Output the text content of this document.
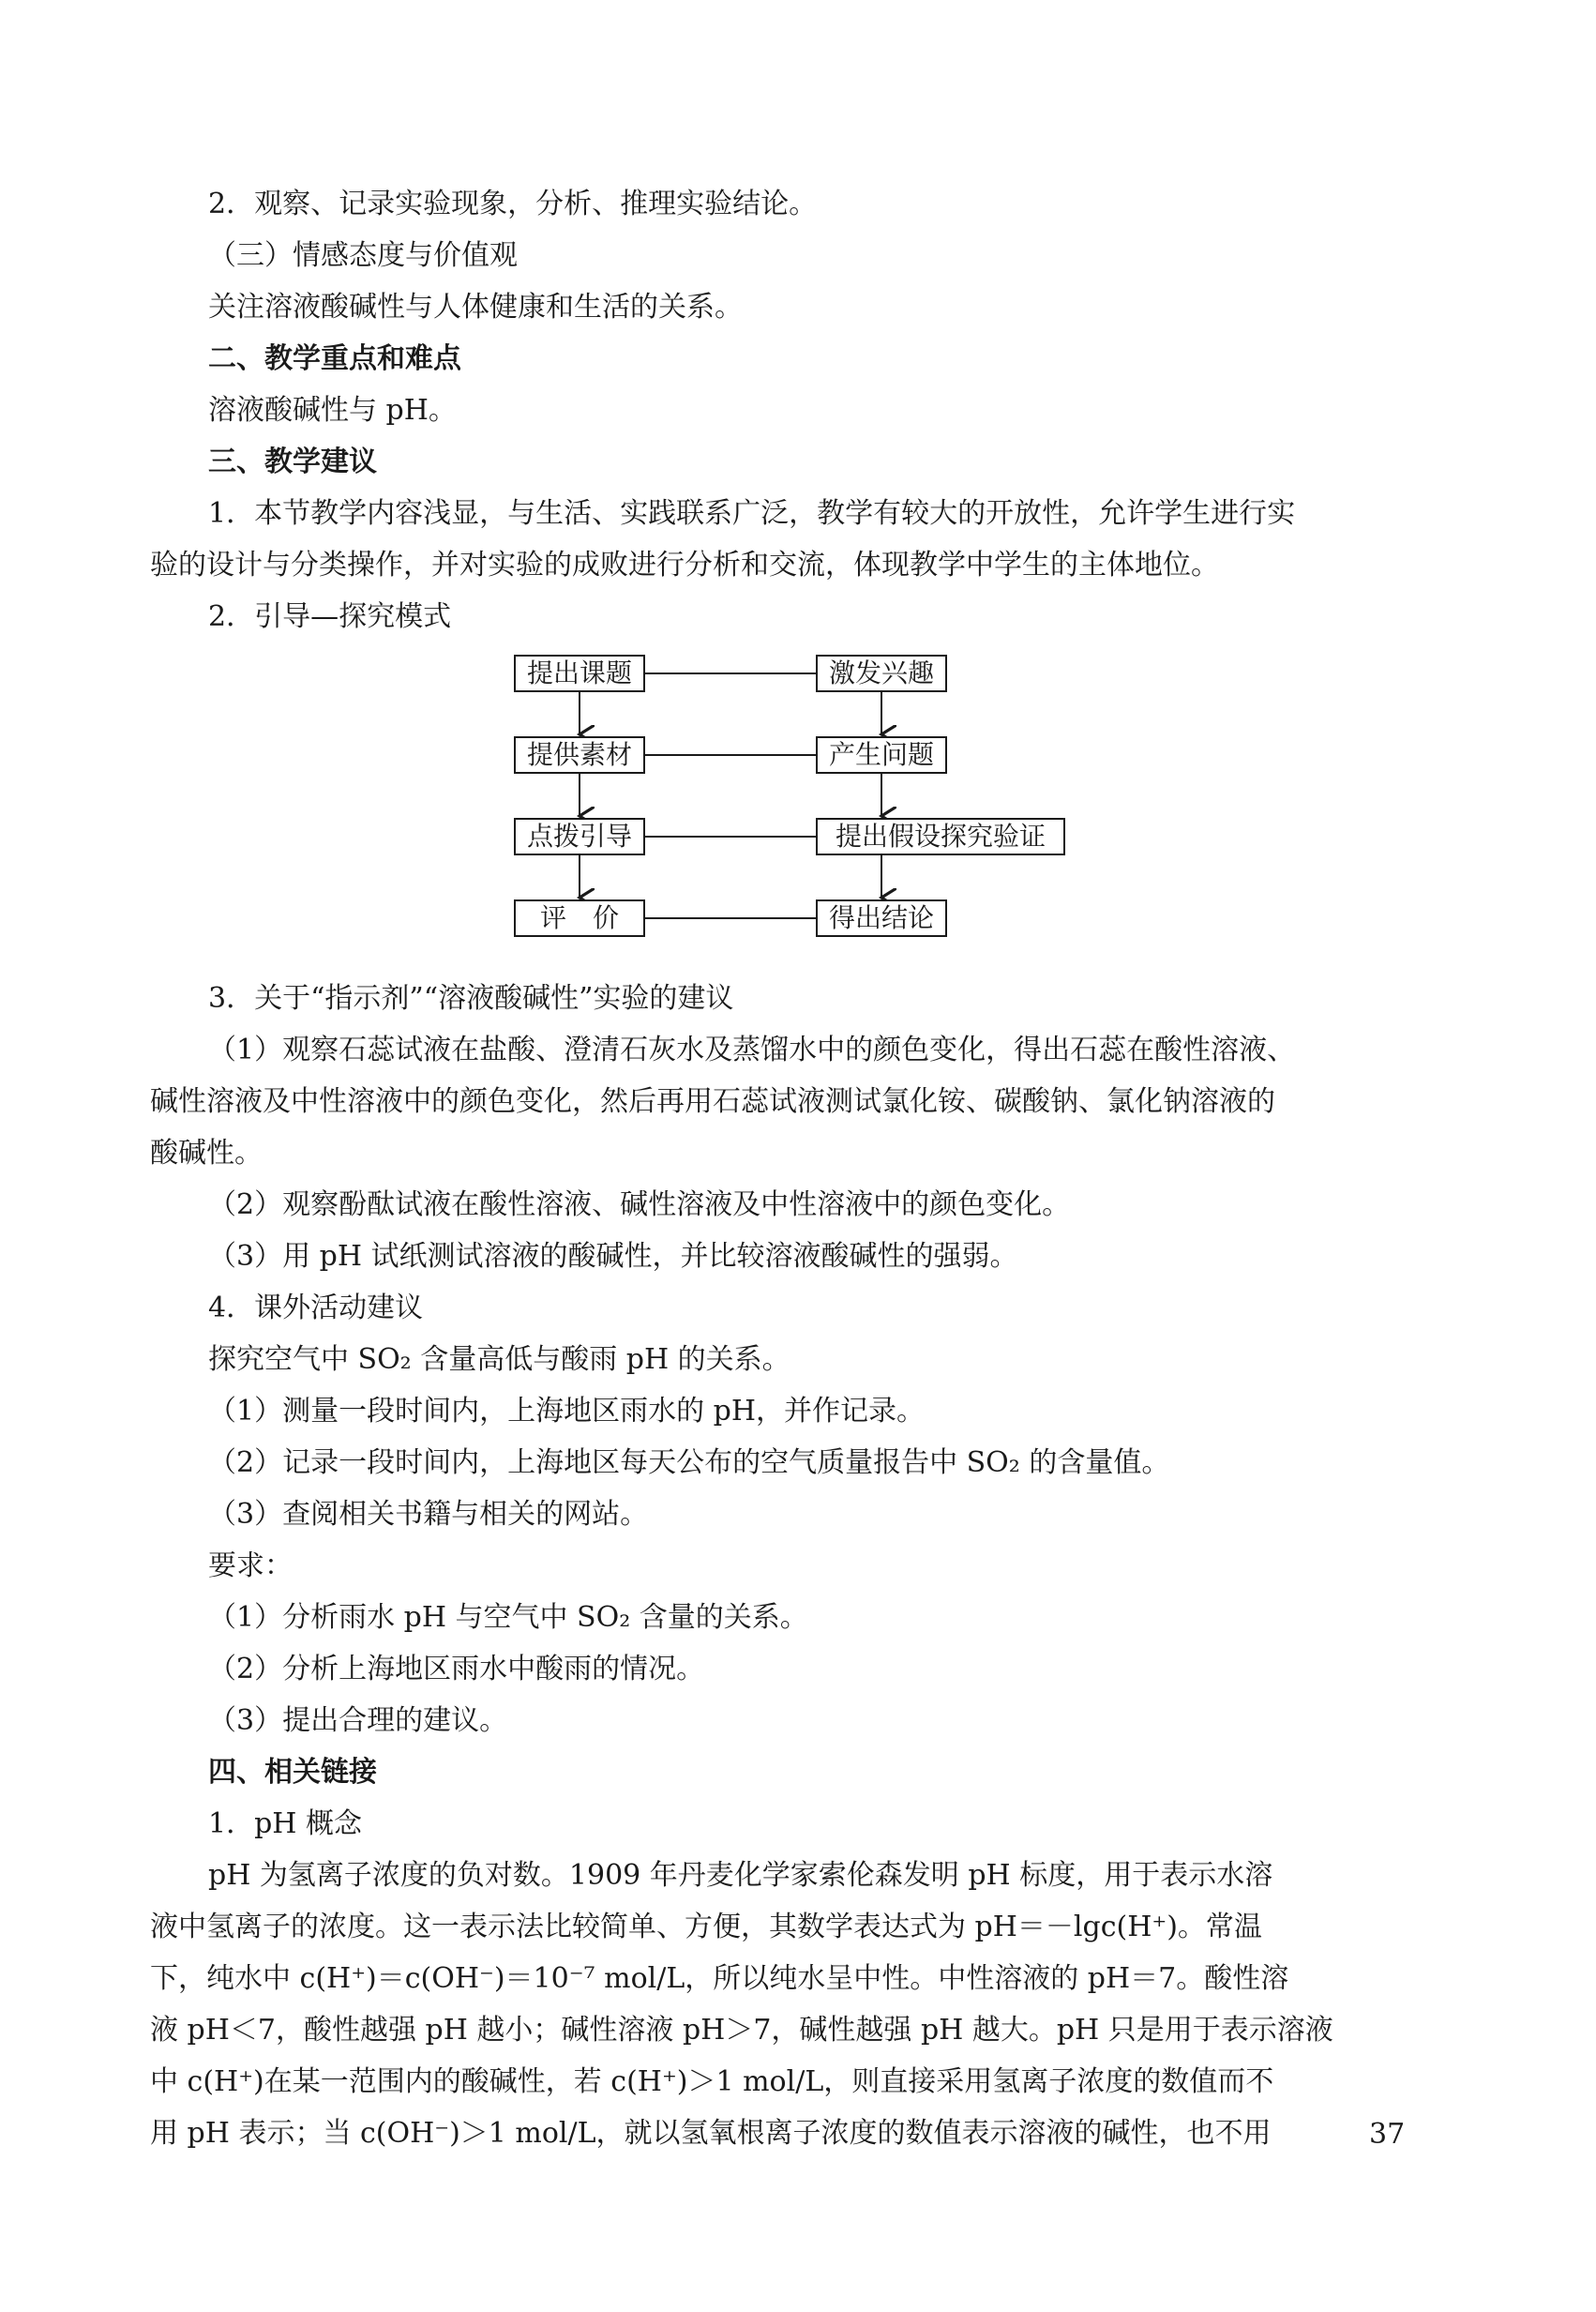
2．观察、记录实验现象，分析、推理实验结论。
（三）情感态度与价值观
关注溶液酸碱性与人体健康和生活的关系。
二、教学重点和难点
溶液酸碱性与 pH。
三、教学建议
1．本节教学内容浅显，与生活、实践联系广泛，教学有较大的开放性，允许学生进行实
验的设计与分类操作，并对实验的成败进行分析和交流，体现教学中学生的主体地位。
2．引导—探究模式
提出课题
提供素材
点拨引导
评　价
激发兴趣
产生问题
提出假设探究验证
得出结论
3．关于“指示剂”“溶液酸碱性”实验的建议
（1）观察石蕊试液在盐酸、澄清石灰水及蒸馏水中的颜色变化，得出石蕊在酸性溶液、
碱性溶液及中性溶液中的颜色变化，然后再用石蕊试液测试氯化铵、碳酸钠、氯化钠溶液的
酸碱性。
（2）观察酚酞试液在酸性溶液、碱性溶液及中性溶液中的颜色变化。
（3）用 pH 试纸测试溶液的酸碱性，并比较溶液酸碱性的强弱。
4．课外活动建议
探究空气中 SO₂ 含量高低与酸雨 pH 的关系。
（1）测量一段时间内，上海地区雨水的 pH，并作记录。
（2）记录一段时间内，上海地区每天公布的空气质量报告中 SO₂ 的含量值。
（3）查阅相关书籍与相关的网站。
要求：
（1）分析雨水 pH 与空气中 SO₂ 含量的关系。
（2）分析上海地区雨水中酸雨的情况。
（3）提出合理的建议。
四、相关链接
1．pH 概念
pH 为氢离子浓度的负对数。1909 年丹麦化学家索伦森发明 pH 标度，用于表示水溶
液中氢离子的浓度。这一表示法比较简单、方便，其数学表达式为 pH＝－lgc(H⁺)。常温
下，纯水中 c(H⁺)＝c(OH⁻)＝10⁻⁷ mol/L，所以纯水呈中性。中性溶液的 pH＝7。酸性溶
液 pH＜7，酸性越强 pH 越小；碱性溶液 pH＞7，碱性越强 pH 越大。pH 只是用于表示溶液
中 c(H⁺)在某一范围内的酸碱性，若 c(H⁺)＞1 mol/L，则直接采用氢离子浓度的数值而不
用 pH 表示；当 c(OH⁻)＞1 mol/L，就以氢氧根离子浓度的数值表示溶液的碱性，也不用	37
